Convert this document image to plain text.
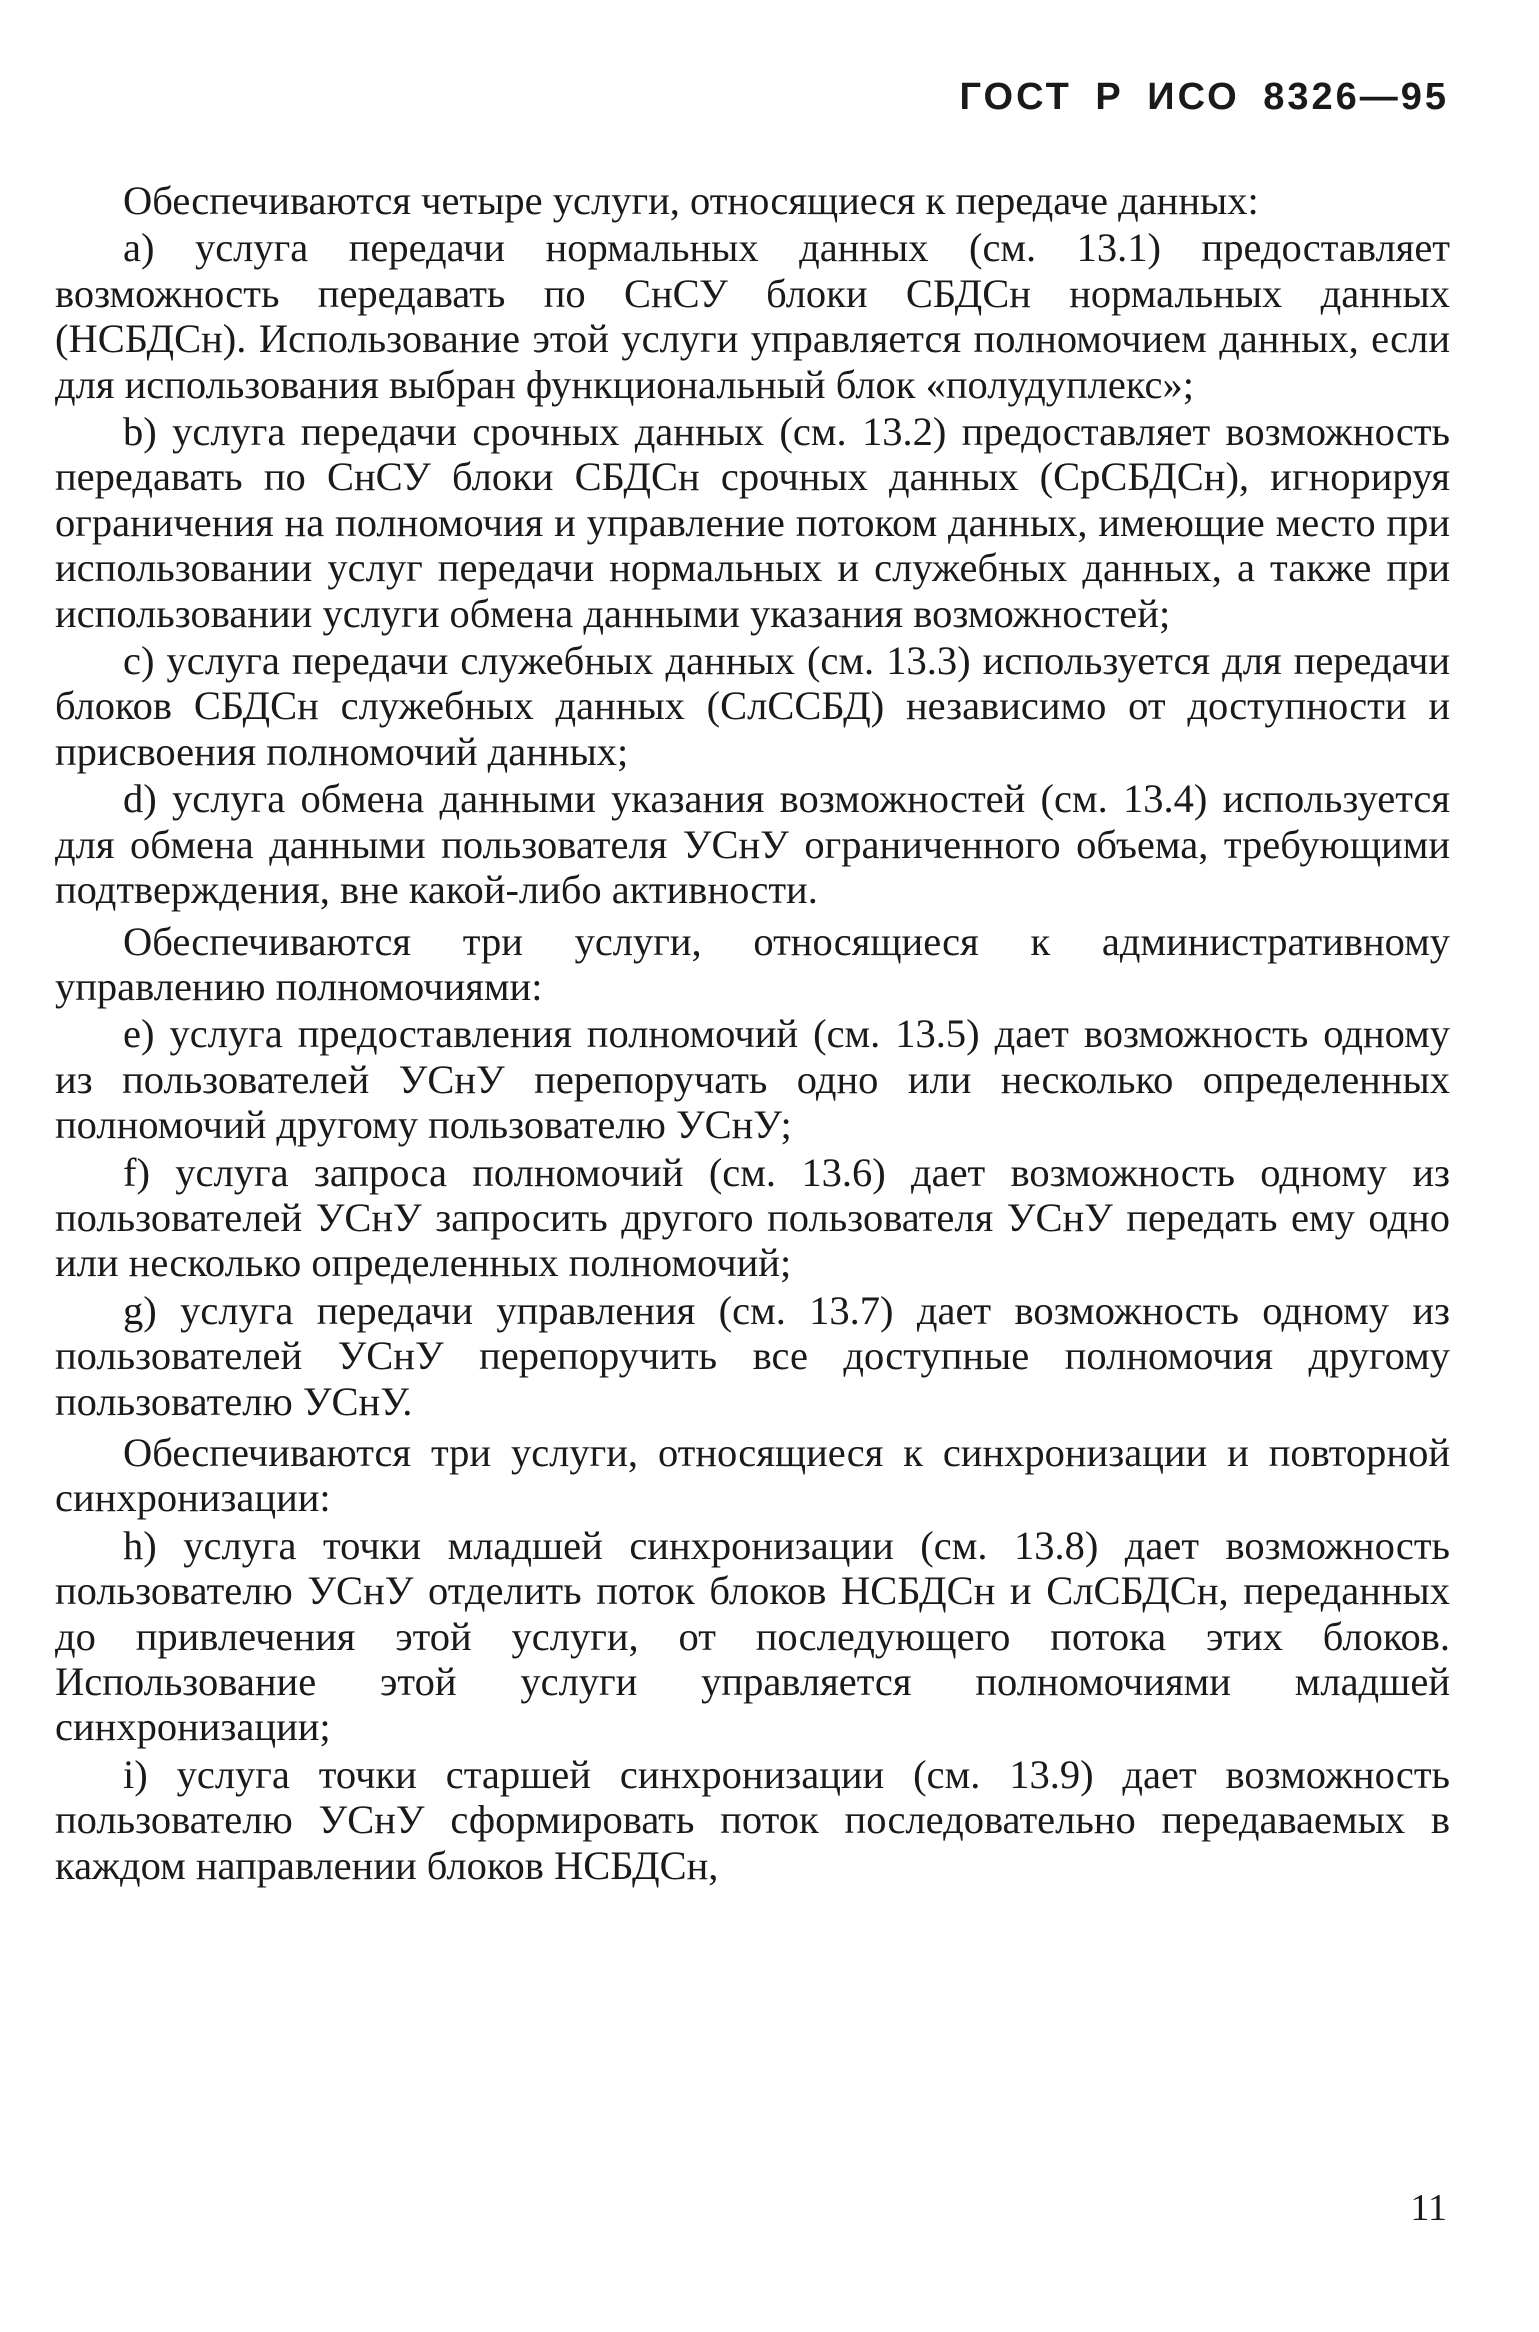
ГОСТ Р ИСО 8326—95

Обеспечиваются четыре услуги, относящиеся к передаче данных:

a) услуга передачи нормальных данных (см. 13.1) предоставляет возможность передавать по СнСУ блоки СБДСн нормальных данных (НСБДСн). Использование этой услуги управляется полномочием данных, если для использования выбран функциональный блок «полудуплекс»;

b) услуга передачи срочных данных (см. 13.2) предоставляет возможность передавать по СнСУ блоки СБДСн срочных данных (СрСБДСн), игнорируя ограничения на полномочия и управление потоком данных, имеющие место при использовании услуг передачи нормальных и служебных данных, а также при использовании услуги обмена данными указания возможностей;

c) услуга передачи служебных данных (см. 13.3) используется для передачи блоков СБДСн служебных данных (СлССБД) независимо от доступности и присвоения полномочий данных;

d) услуга обмена данными указания возможностей (см. 13.4) используется для обмена данными пользователя УСнУ ограниченного объема, требующими подтверждения, вне какой-либо активности.

Обеспечиваются три услуги, относящиеся к административному управлению полномочиями:

e) услуга предоставления полномочий (см. 13.5) дает возможность одному из пользователей УСнУ перепоручать одно или несколько определенных полномочий другому пользователю УСнУ;

f) услуга запроса полномочий (см. 13.6) дает возможность одному из пользователей УСнУ запросить другого пользователя УСнУ передать ему одно или несколько определенных полномочий;

g) услуга передачи управления (см. 13.7) дает возможность одному из пользователей УСнУ перепоручить все доступные полномочия другому пользователю УСнУ.

Обеспечиваются три услуги, относящиеся к синхронизации и повторной синхронизации:

h) услуга точки младшей синхронизации (см. 13.8) дает возможность пользователю УСнУ отделить поток блоков НСБДСн и СлСБДСн, переданных до привлечения этой услуги, от последующего потока этих блоков. Использование этой услуги управляется полномочиями младшей синхронизации;

i) услуга точки старшей синхронизации (см. 13.9) дает возможность пользователю УСнУ сформировать поток последовательно передаваемых в каждом направлении блоков НСБДСн,

11
